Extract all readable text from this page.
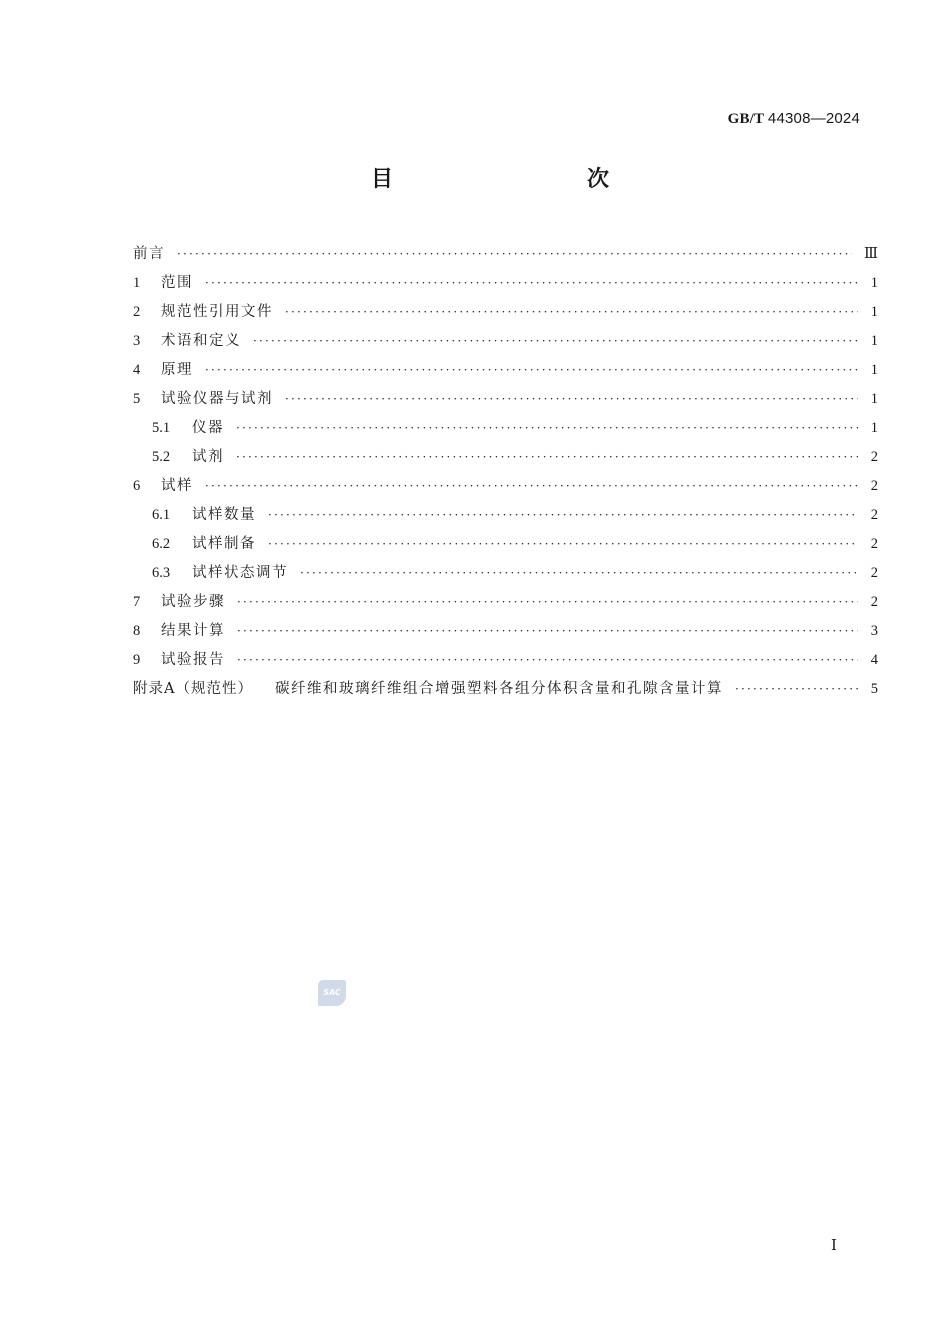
GB/T 44308—2024
目　　次
前言 ·····	Ⅲ
1	范围 ·····	1
2	规范性引用文件 ·····	1
3	术语和定义 ·····	1
4	原理 ·····	1
5	试验仪器与试剂 ·····	1
5.1	仪器 ·····	1
5.2	试剂 ·····	2
6	试样 ·····	2
6.1	试样数量 ·····	2
6.2	试样制备 ·····	2
6.3	试样状态调节 ·····	2
7	试验步骤 ·····	2
8	结果计算 ·····	3
9	试验报告 ·····	4
附录A（规范性） 碳纤维和玻璃纤维组合增强塑料各组分体积含量和孔隙含量计算 ·····	5
SAC
Ⅰ
